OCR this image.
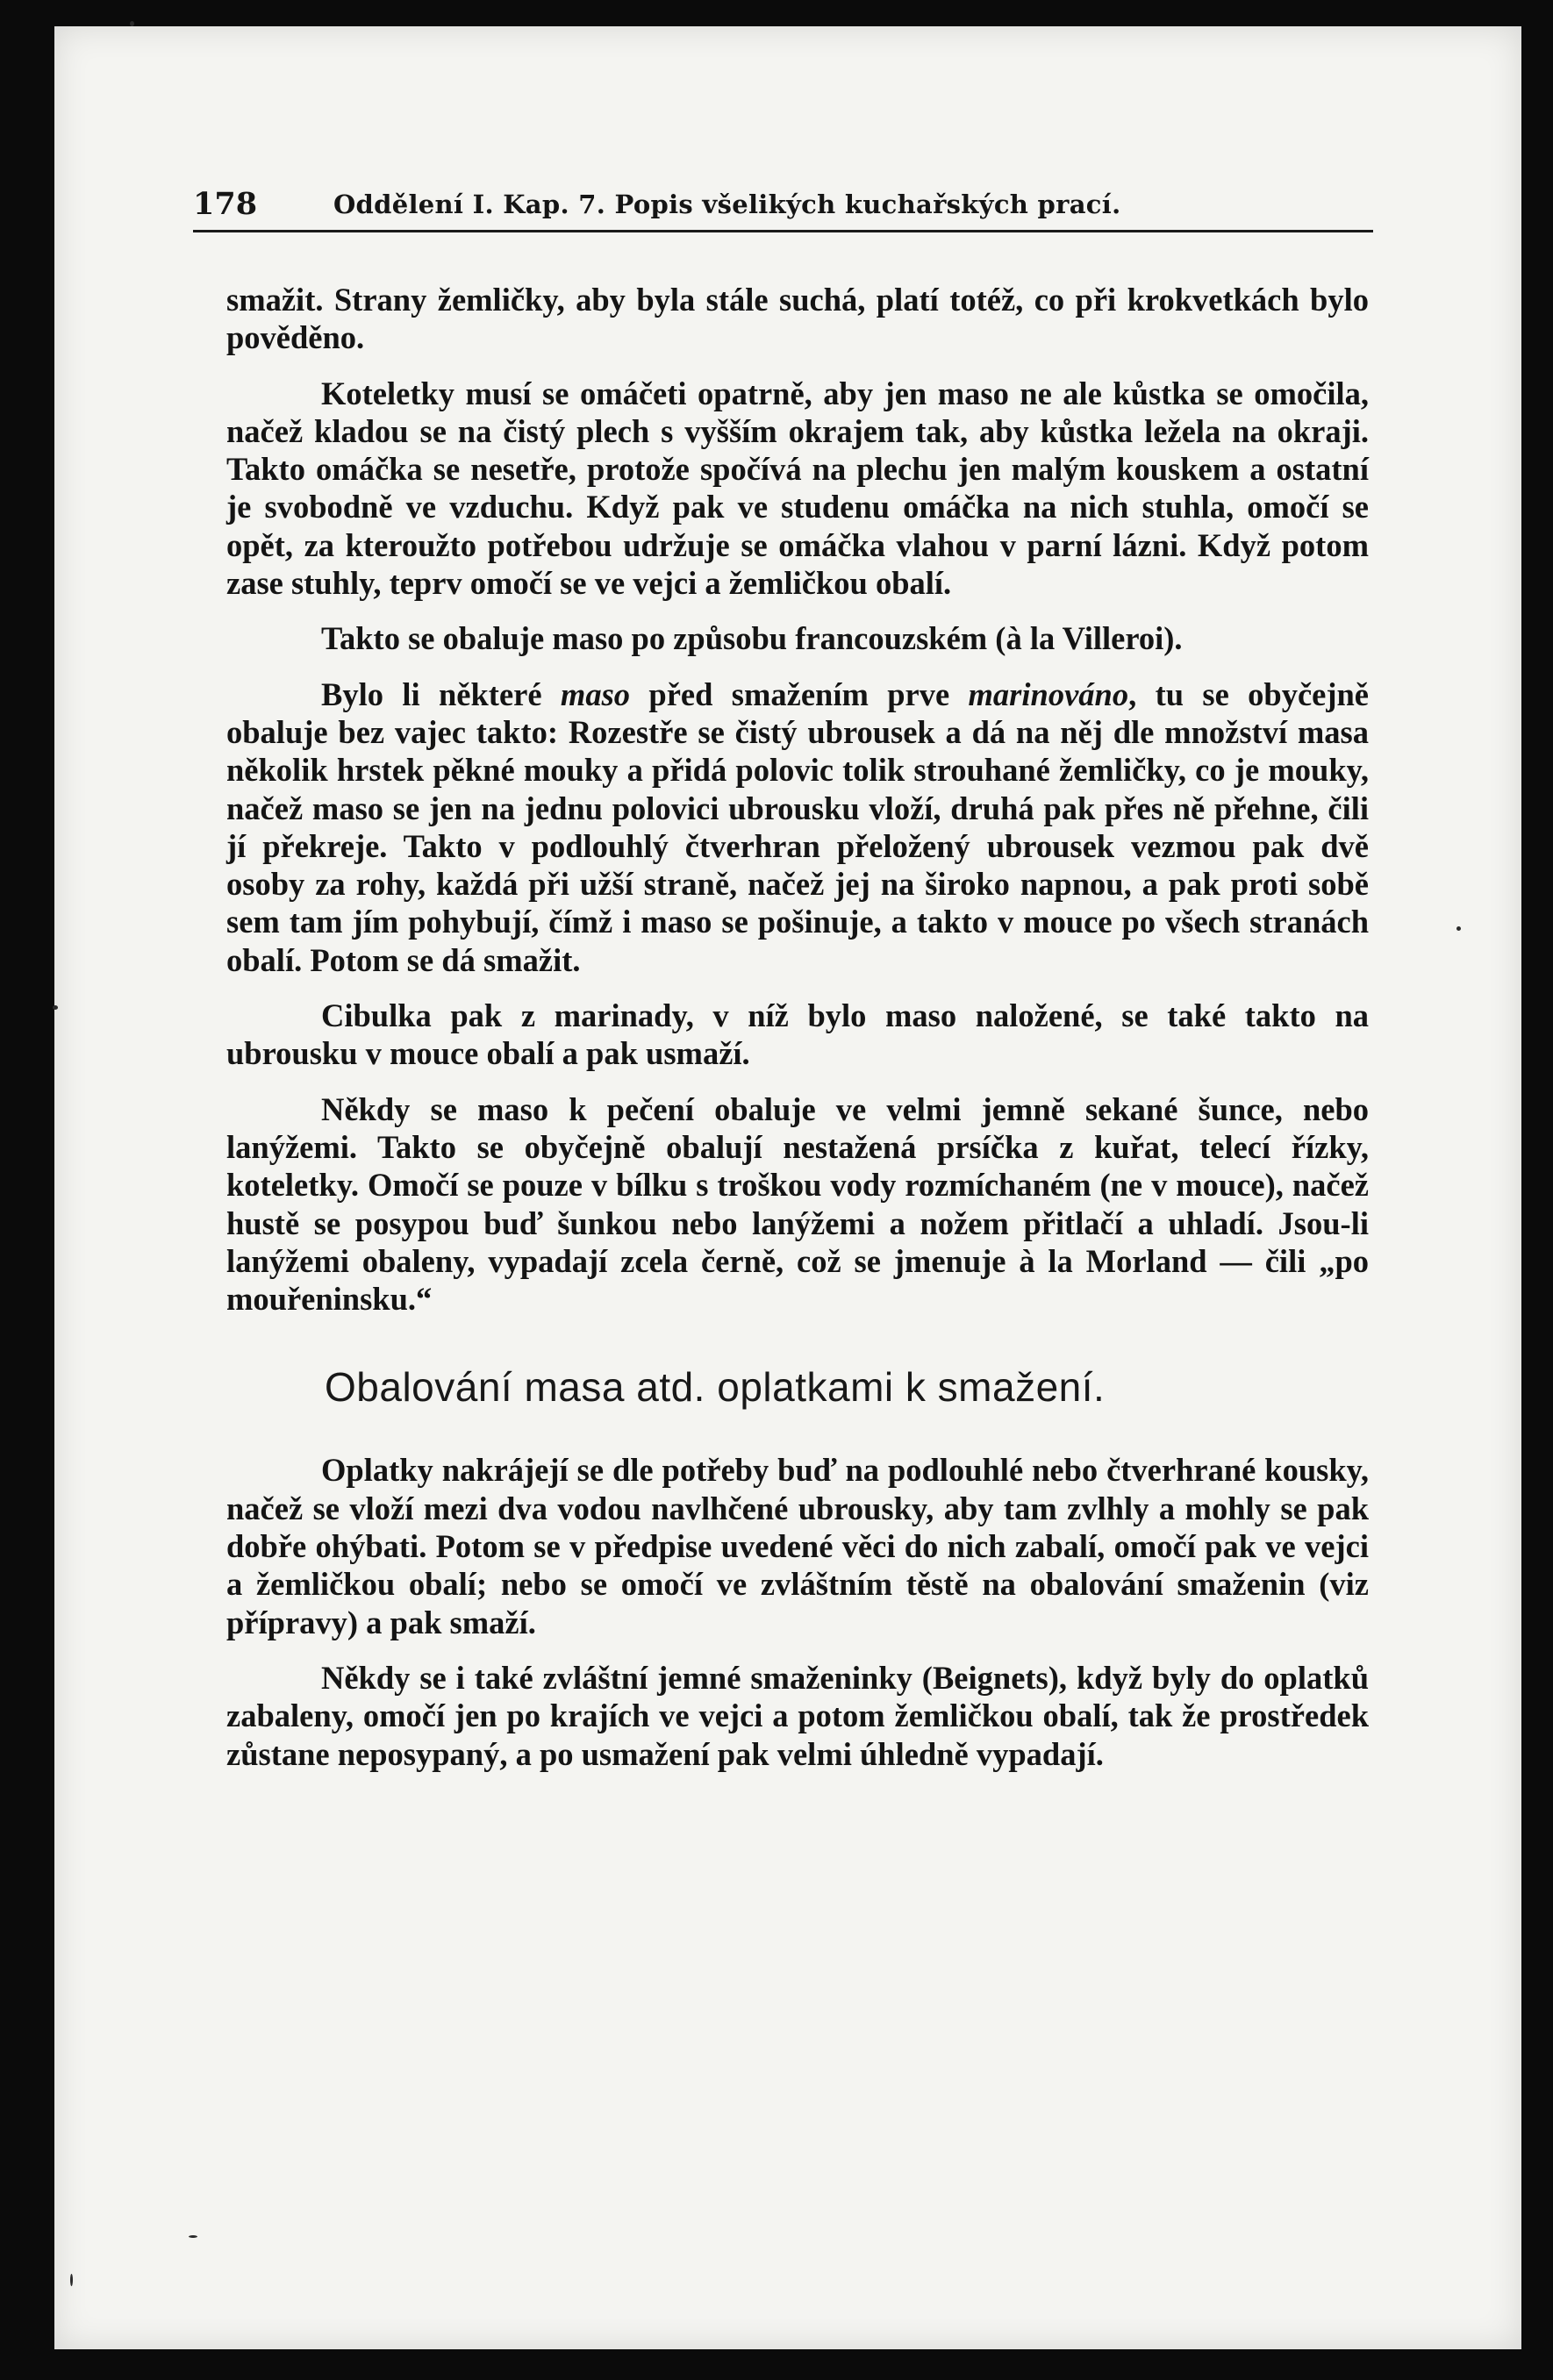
178	Oddělení I. Kap. 7. Popis všelikých kuchařských prací.

smažit. Strany žemličky, aby byla stále suchá, platí totéž, co při krokvetkách bylo pověděno.

Koteletky musí se omáčeti opatrně, aby jen maso ne ale kůstka se omočila, načež kladou se na čistý plech s vyšším okrajem tak, aby kůstka ležela na okraji. Takto omáčka se nesetře, protože spočívá na plechu jen malým kouskem a ostatní je svobodně ve vzduchu. Když pak ve studenu omáčka na nich stuhla, omočí se opět, za kteroužto potřebou udržuje se omáčka vlahou v parní lázni. Když potom zase stuhly, teprv omočí se ve vejci a žemličkou obalí.

Takto se obaluje maso po způsobu francouzském (à la Villeroi).

Bylo li některé maso před smažením prve marinováno, tu se obyčejně obaluje bez vajec takto: Rozestře se čistý ubrousek a dá na něj dle množství masa několik hrstek pěkné mouky a přidá polovic tolik strouhané žemličky, co je mouky, načež maso se jen na jednu polovici ubrousku vloží, druhá pak přes ně přehne, čili jí překreje. Takto v podlouhlý čtverhran přeložený ubrousek vezmou pak dvě osoby za rohy, každá při užší straně, načež jej na široko napnou, a pak proti sobě sem tam jím pohybují, čímž i maso se pošinuje, a takto v mouce po všech stranách obalí. Potom se dá smažit.

Cibulka pak z marinady, v níž bylo maso naložené, se také takto na ubrousku v mouce obalí a pak usmaží.

Někdy se maso k pečení obaluje ve velmi jemně sekané šunce, nebo lanýžemi. Takto se obyčejně obalují nestažená prsíčka z kuřat, telecí řízky, koteletky. Omočí se pouze v bílku s troškou vody rozmíchaném (ne v mouce), načež hustě se posypou buď šunkou nebo lanýžemi a nožem přitlačí a uhladí. Jsou-li lanýžemi obaleny, vypadají zcela černě, což se jmenuje à la Morland — čili „po mouřeninsku.“

Obalování masa atd. oplatkami k smažení.

Oplatky nakrájejí se dle potřeby buď na podlouhlé nebo čtverhrané kousky, načež se vloží mezi dva vodou navlhčené ubrousky, aby tam zvlhly a mohly se pak dobře ohýbati. Potom se v předpise uvedené věci do nich zabalí, omočí pak ve vejci a žemličkou obalí; nebo se omočí ve zvláštním těstě na obalování smaženin (viz přípravy) a pak smaží.

Někdy se i také zvláštní jemné smaženinky (Beignets), když byly do oplatků zabaleny, omočí jen po krajích ve vejci a potom žemličkou obalí, tak že prostředek zůstane neposypaný, a po usmažení pak velmi úhledně vypadají.
